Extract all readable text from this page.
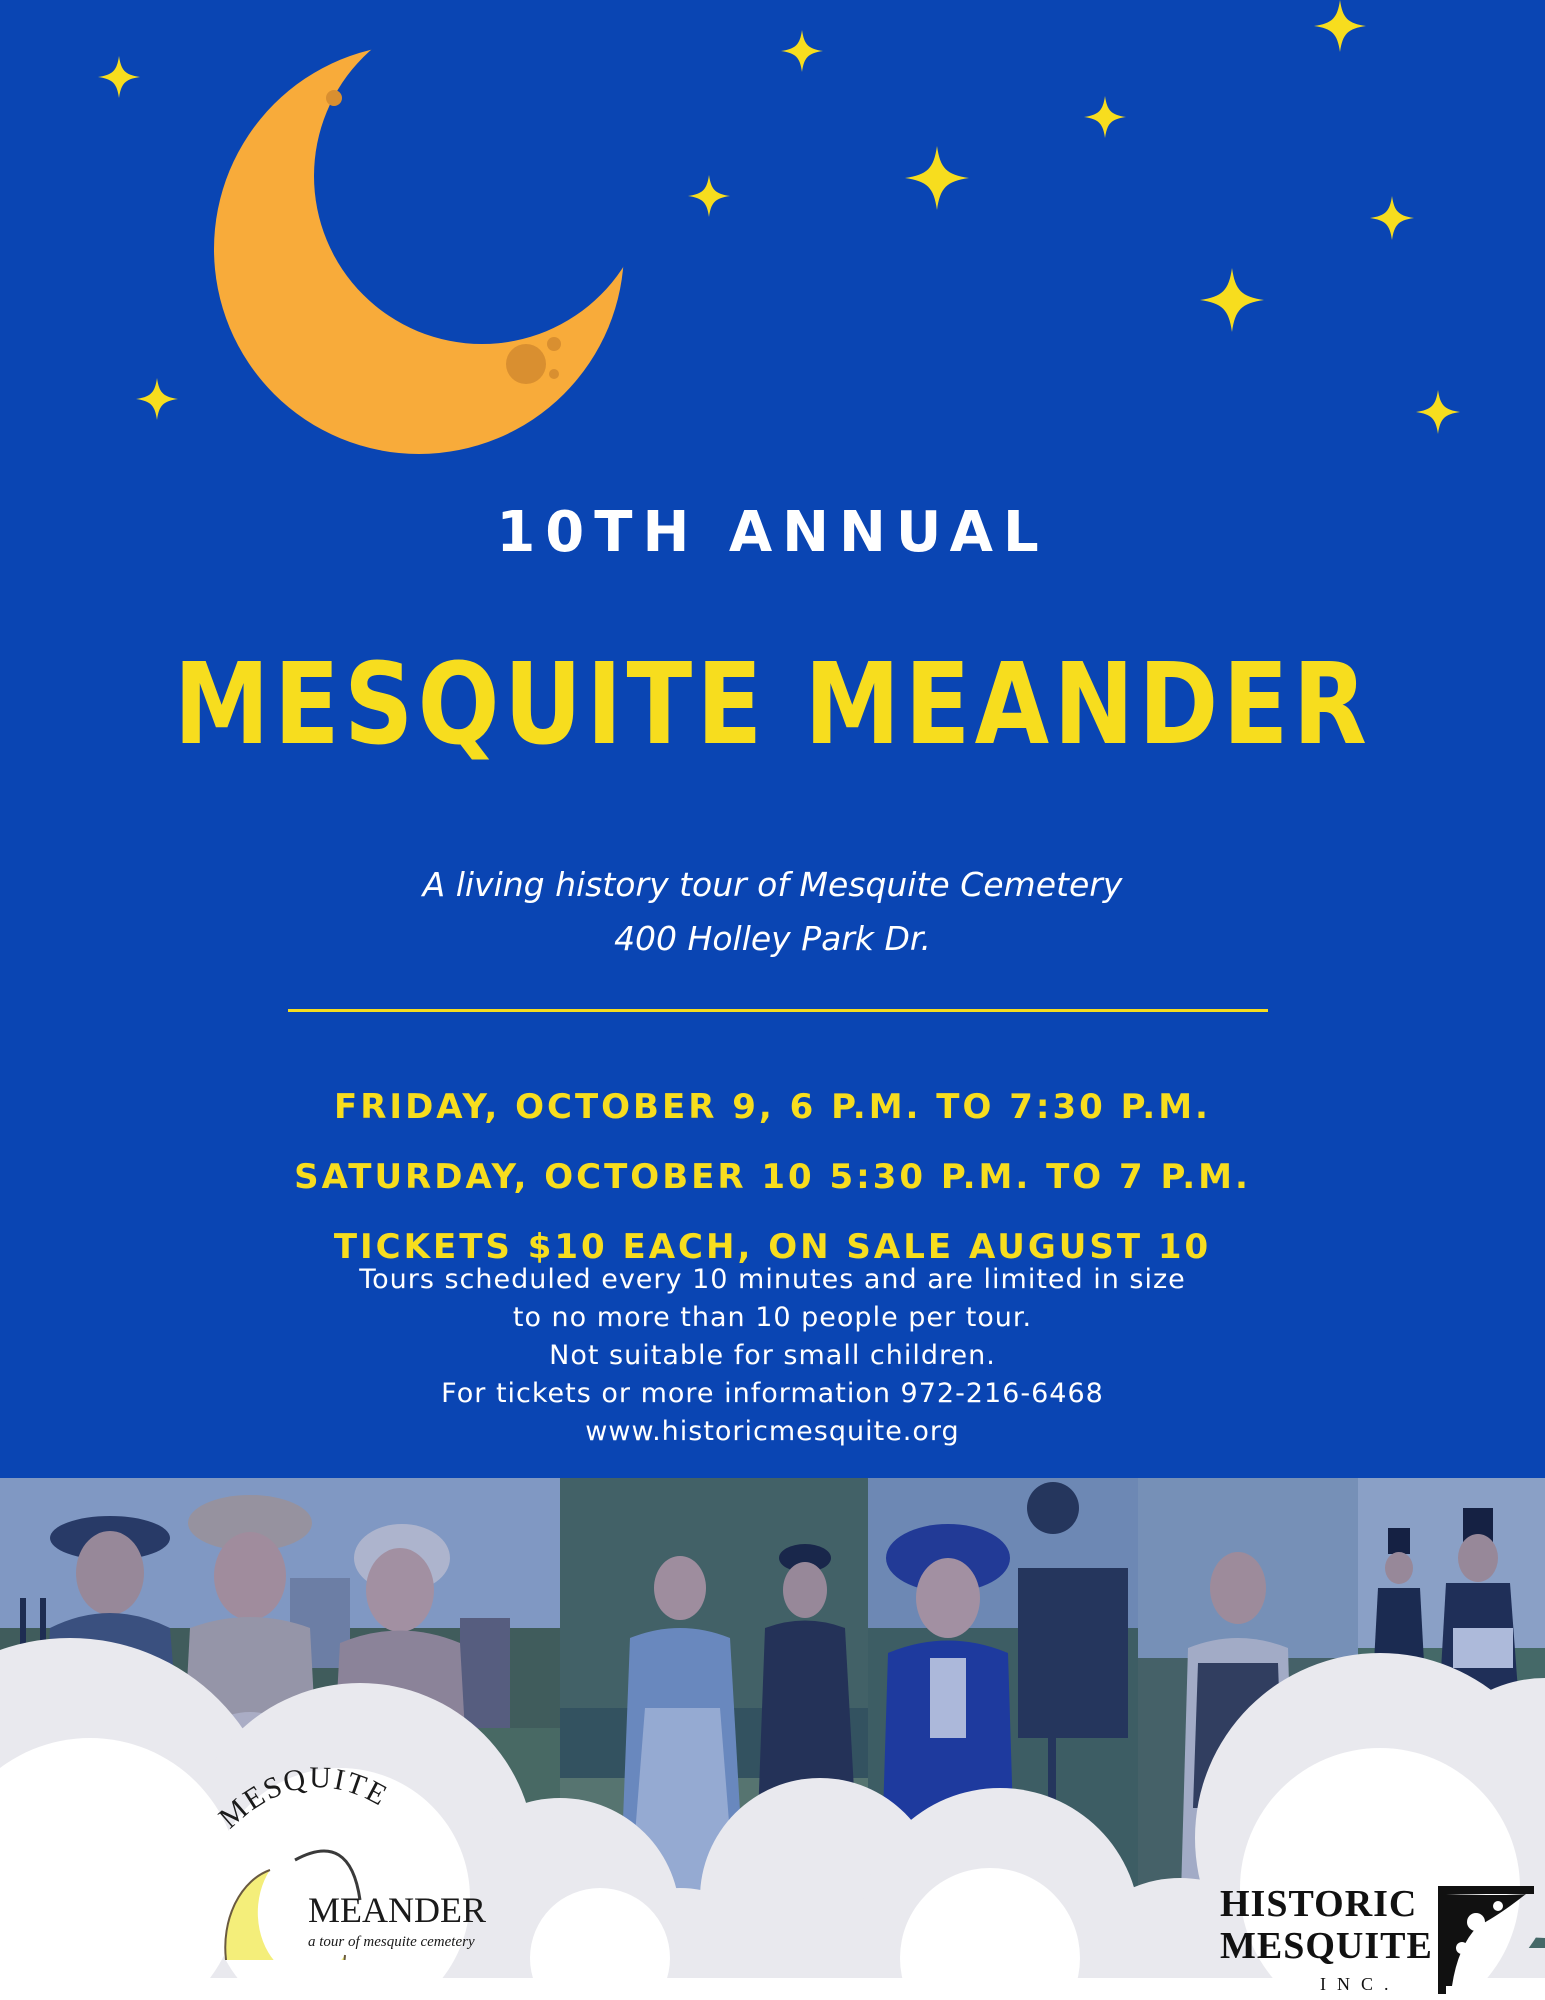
10TH ANNUAL
MESQUITE MEANDER
A living history tour of Mesquite Cemetery
400 Holley Park Dr.
FRIDAY, OCTOBER 9, 6 P.M. TO 7:30 P.M.
SATURDAY, OCTOBER 10 5:30 P.M. TO 7 P.M.
TICKETS $10 EACH, ON SALE AUGUST 10
Tours scheduled every 10 minutes and are limited in size
to no more than 10 people per tour.
Not suitable for small children.
For tickets or more information 972-216-6468
www.historicmesquite.org
MESQUITE
MEANDER
a tour of mesquite cemetery
HISTORIC
MESQUITE
INC.
